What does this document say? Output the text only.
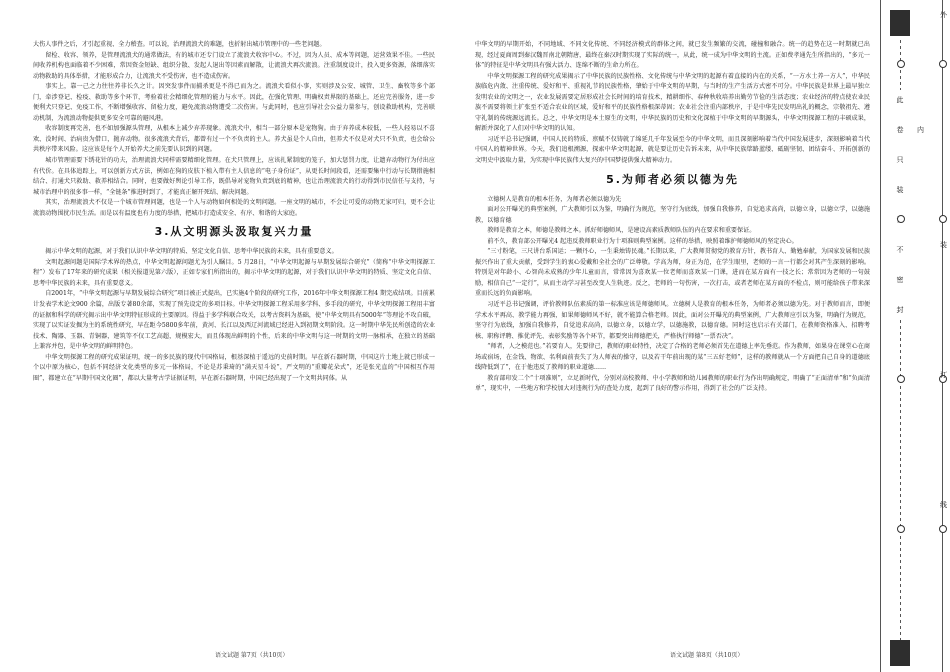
大伤人事件之后，才引起重视、全力稽查。可以说，治理流浪犬的难题，也折射出城市管理中的一些老问题。

留检、收容、领养，是管理流浪犬的通常做法，有的城市还专门设立了流浪犬收容中心。不过，因为人员、成本等问题，运营效果不佳。一些民间收养机构也面临着不少困难，常因资金短缺、组织分散、发起人退出等因素而解散，让流浪犬再次流浪。注重制度设计，投入更多资源，落细落实动物救助的具体举措，才能形成合力，让流浪犬不受伤害，也不造成伤害。

事实上，靠一己之力往往养非长久之计。因突发事件而捕杀更是不得已而为之。流浪犬看似小事，实则涉及公安、城管、卫生、畜牧等多个部门，牵涉登记、检疫、救助等多个环节，考验着社会精细化管理的能力与水平。因此，在强化管理、明确权责界限的基础上，还应完善服务，进一步便利犬只登记、免疫工作，不断增强收容、留检力度，避免流浪动物遭受二次伤害。与此同时，也应引导社会公益力量参与，创设救助机构，完善联动机制，为流浪动物提供更多安全可靠的避风港。

收容制度再完善，也不如加强源头管理，从根本上减少弃养现象。流浪犬中，相当一部分原本是宠物狗。由于弃养成本较低，一些人轻易以不喜欢、没时间、治病贵为借口，抛弃动物。很多流浪犬背后，都曾有过一个不负责的主人。养犬虽是个人自由，但养犬不仅是对犬只不负责，也会给公共秩序带来风险。这应该是每个人开始养犬之前先要认识到的问题。

城市管理需要下绣花针的功夫，治理流浪犬同样需要精细化管理。在犬只管理上，应该扎紧制度的笼子，加大惩罚力度，让遗弃动物行为付出应有代价。在具体追踪上，可以创新方式方法，例如在狗的皮肤下植入带有主人信息的“电子身份证”，从更长时间段看，还需要集中行动与长期措施相结合、打通犬只救助、救养相结合。同时，也要做好舆论引导工作，既倡导对宠物负责到底的精神，也让治理流浪犬的行动得到市民信任与支持，与城市治理中的很多事一样，“全链条”推进时到了，才能真正解开死结、解决问题。

其实，治理流浪犬不仅是一个城市管理问题，也是一个人与动物如何相处的文明问题。一座文明的城市，不会让可爱的动物无家可归，更不会让流浪动物围扰市民生活。而是以有温度也有力度的举措，把城市打造成安全、有序、和谐的大家庭。

3.从文明源头汲取复兴力量

揭示中华文明的起源，对于我们认识中华文明的特质、坚定文化自信、思考中华民族的未来，具有重要意义。

文明起源问题是国际学术界的热点，中华文明起源问题尤为引人瞩目。5 月28日，“中华文明起源与早期发展综合研究”（简称“中华文明探源工程”）发布了17年来的研究成果（相关报道见第六版），正如专家们所指出的，揭示中华文明的起源，对于我们认识中华文明的特质、坚定文化自信、思考中华民族的未来，具有重要意义。

自2001年，“中华文明起源与早期发展综合研究”项目被正式提出，已实施4个阶段的研究工作，2016年中华文明探源工程4 期完成结项。目前累计发表学术论文900 余篇，出版专著80余部，实现了预先设定的多项目标。中华文明探源工程采用多学科、多手段的研究，中华文明探源工程用丰富的证据和科学的研究揭示出中华文明特征形成的主要原因。得益于多学科联合攻关，以考古资料为基础，使“中华文明具有5000年”等理论不攻自破，实现了以实证发掘为主的系统性研究，早在距今5800多年前，黄河、长江以及西辽河流域已经进入到初期文明阶段。这一时期中华先民所创造的农业技术、陶器、玉器、青铜器，建筑等不仅工艺高超，规模宏大，而且体现出鲜明的个性，后来的中华文明与这一时期的文明一脉相承，在独立的基础上兼容并包，是中华文明的鲜明特色。

中华文明探源工程的研究成果证明，统一的多民族的现代中国格局，根基深植于遥远的史前时期。早在新石器时期，中国这片土地上就已形成一个以中原为核心，包括不同经济文化类型的多元一体格局，不论是苏秉琦的“满天星斗说”，严文明的“重瓣花朵式”，还是张光直的“中国相互作用圈”，都建立在“早期中国文化圈”，都以大量考古学证据证明，早在新石器时期，中国已经出现了一个文明共同体。从

语文试题 第7页（共10页）

中华文明的早期开始，不同地域、不同文化传统、不同经济模式的群体之间，就已发生频繁的交流，碰撞和融合。统一的趋势在这一时期就已出现，经过夏商周到秦汉魏晋南北朝隋唐，最终在秦汉时期实现了实际的统一，从此，统一成为中华文明的主流。正如费孝通先生所指出的，“多元一体”的特征是中华文明具有强大活力、连绵不断的生命力所在。

中华文明探源工程的研究成果揭示了中华民族的民族性格、文化传统与中华文明的起源有着直接的内在的关系，“一方水土养一方人”，中华民族临危内敛、注重传统、爱好和平、重视礼节的民族性格，肇始于中华文明的早期，与当时的生产生活方式密不可分。中华民族是世界上最早独立发明农业的文明之一，农业发展需要定居形成社会长时间的培育技术，精耕细作、春种秋收培养出勤劳节俭的生活态度；农业经济的特点使农业民族不需要将领土扩张至不适合农业的区域，爱好和平的民族性格根深蒂固；农业社会注重内部秩序，于是中华先民发明出礼的概念，宗敬祖先、遵守礼制的传统源远流长。总之，中华文明是本土原生的文明，中华民族的历史和文化深植于中华文明的早期源头，中华文明探源工程的丰硕成果，解新并深化了人们对中华文明的认知。

习近平总书记强调，中国人民的特质、禀赋不仅铸就了绵延几千年发展至今的中华文明，而且深刻影响着当代中国发展进步，深刻影响着当代中国人的精神世界。今天，我们追根溯源，探索中华文明起源，就是要让历史告诉未来，从中华民族筚路蓝缕、砥砺坚韧、团结奋斗、开拓创新的文明史中汲取力量，为实现中华民族伟大复兴的中国梦提供强大精神动力。

5.为师者必须以德为先

立德树人是教育的根本任务，为师者必须以德为先

面对公开曝光的典型案例，广大教师引以为鉴，明确行为规范，坚守行为底线，加强自我修养，自觉追求高尚，以德立身，以德立学，以德施教，以德育德

教师是教育之本，师德是教师之本。抓好师德师风，是建设高素质教师队伍的内在要求和重要保证。

前不久，教育部公开曝光4 起违反教师职业行为十项准则典型案例。这样的举措，映照着维护师德师风的坚定决心。

“三寸粉笔，三尺讲台系国运；一颗丹心，一生秉烛铸民魂。”长期以来，广大教师贯彻党的教育方针，教书育人、勤勉奉献，为国家发展和民族振兴作出了重大贡献，受到学生的衷心爱戴和全社会的广泛尊敬。学高为师，身正为范，在学生眼里，老师的一言一行都会对其产生深刻的影响。特别是对年龄小、心智尚未成熟的少年儿童而言，常常因为喜欢某一位老师而喜欢某一门课，进而在某方面有一技之长；常常因为老师的一句鼓励，相信自己“一定行”，从而主动学习甚至改变人生轨迹。反之，老师的一句伤害，一次打击，或者老师在某方面的不检点，则可能给孩子带来深重而长远的负面影响。

习近平总书记强调，评价教师队伍素质的第一标准应该是师德师风。立德树人是教育的根本任务，为师者必须以德为先。对于教师而言，即便学术水平再高、教学能力再强，如果师德师风不好，就不能算合格老师。因此，面对公开曝光的典型案例，广大教师应引以为鉴，明确行为规范，坚守行为底线，加强自我修养，自觉追求高尚，以德立身，以德立学，以德施教，以德育德。同时这也启示有关部门，在教师资格准入、招聘考核、职称评聘、推优评先、表彰奖励等各个环节，都要突出师德把关，严格执行师德“一票否决”。

“师者，人之模范也。”若要育人，先要律己，教师的职业特性，决定了合格的老师必须首先在道德上率先垂范。作为教师，如果身在课堂心在商场或宿场，在金钱、物欲、名利面前丧失了为人师表的操守，以及若干年前出现的某“三五好老师”，这样的教师就从一个方面把自己自身的道德底线降低到了”，在于他违反了教师的职业道德……

教育部印发二个“十项准则”，立足新时代，分别对高校教师、中小学教师和幼儿园教师的职业行为作出明确规定，明确了“正面清单”和“负面清单”，现实中，一些地方和学校加大对违规行为的查处力度，起到了良好的警示作用，得到了社会的广泛支持。

语文试题 第8页（共10页）
此
卷
只
装
不
密
封
外
内
装
订
线
